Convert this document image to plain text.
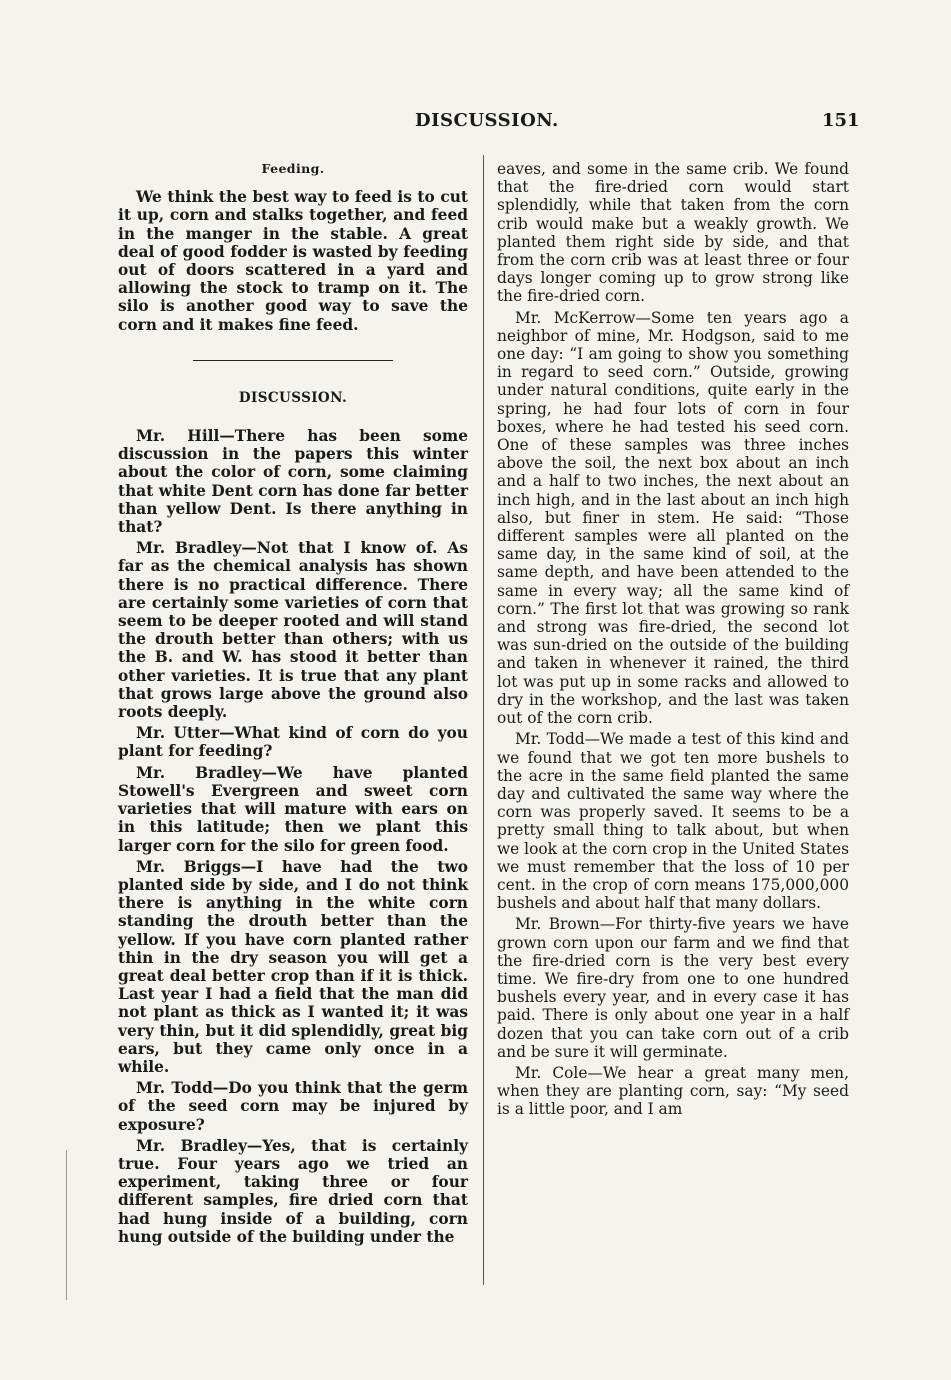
DISCUSSION.	151
Feeding.

We think the best way to feed is to cut it up, corn and stalks together, and feed in the manger in the stable. A great deal of good fodder is wasted by feeding out of doors scattered in a yard and allowing the stock to tramp on it. The silo is another good way to save the corn and it makes fine feed.

DISCUSSION.

Mr. Hill—There has been some discussion in the papers this winter about the color of corn, some claiming that white Dent corn has done far better than yellow Dent. Is there anything in that?

Mr. Bradley—Not that I know of. As far as the chemical analysis has shown there is no practical difference. There are certainly some varieties of corn that seem to be deeper rooted and will stand the drouth better than others; with us the B. and W. has stood it better than other varieties. It is true that any plant that grows large above the ground also roots deeply.

Mr. Utter—What kind of corn do you plant for feeding?

Mr. Bradley—We have planted Stowell's Evergreen and sweet corn varieties that will mature with ears on in this latitude; then we plant this larger corn for the silo for green food.

Mr. Briggs—I have had the two planted side by side, and I do not think there is anything in the white corn standing the drouth better than the yellow. If you have corn planted rather thin in the dry season you will get a great deal better crop than if it is thick. Last year I had a field that the man did not plant as thick as I wanted it; it was very thin, but it did splendidly, great big ears, but they came only once in a while.

Mr. Todd—Do you think that the germ of the seed corn may be injured by exposure?

Mr. Bradley—Yes, that is certainly true. Four years ago we tried an experiment, taking three or four different samples, fire dried corn that had hung inside of a building, corn hung outside of the building under the

eaves, and some in the same crib. We found that the fire-dried corn would start splendidly, while that taken from the corn crib would make but a weakly growth. We planted them right side by side, and that from the corn crib was at least three or four days longer coming up to grow strong like the fire-dried corn.

Mr. McKerrow—Some ten years ago a neighbor of mine, Mr. Hodgson, said to me one day: “I am going to show you something in regard to seed corn.” Outside, growing under natural conditions, quite early in the spring, he had four lots of corn in four boxes, where he had tested his seed corn. One of these samples was three inches above the soil, the next box about an inch and a half to two inches, the next about an inch high, and in the last about an inch high also, but finer in stem. He said: “Those different samples were all planted on the same day, in the same kind of soil, at the same depth, and have been attended to the same in every way; all the same kind of corn.” The first lot that was growing so rank and strong was fire-dried, the second lot was sun-dried on the outside of the building and taken in whenever it rained, the third lot was put up in some racks and allowed to dry in the workshop, and the last was taken out of the corn crib.

Mr. Todd—We made a test of this kind and we found that we got ten more bushels to the acre in the same field planted the same day and cultivated the same way where the corn was properly saved. It seems to be a pretty small thing to talk about, but when we look at the corn crop in the United States we must remember that the loss of 10 per cent. in the crop of corn means 175,000,000 bushels and about half that many dollars.

Mr. Brown—For thirty-five years we have grown corn upon our farm and we find that the fire-dried corn is the very best every time. We fire-dry from one to one hundred bushels every year, and in every case it has paid. There is only about one year in a half dozen that you can take corn out of a crib and be sure it will germinate.

Mr. Cole—We hear a great many men, when they are planting corn, say: “My seed is a little poor, and I am
